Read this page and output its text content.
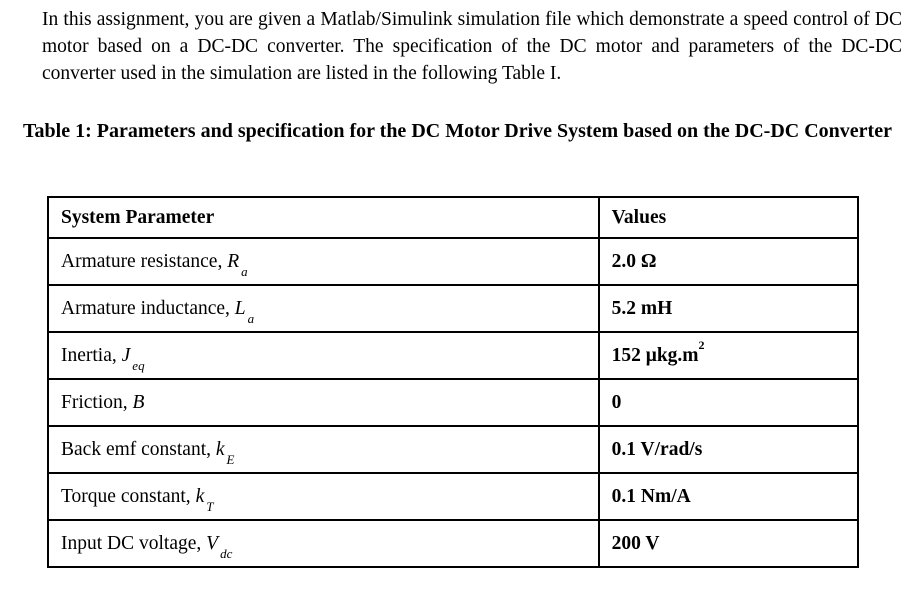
In this assignment, you are given a Matlab/Simulink simulation file which demonstrate a speed control of DC motor based on a DC-DC converter. The specification of the DC motor and parameters of the DC-DC converter used in the simulation are listed in the following Table I.

Table 1: Parameters and specification for the DC Motor Drive System based on the DC-DC Converter

System Parameter	Values
Armature resistance, R $_a$	2.0 Ω
Armature inductance, L $_a$	5.2 mH
Inertia, J $_{eq}$	152 $\mu kg.m^2$
Friction, B	0
Back emf constant, k $_E$	0.1 V/rad/s
Torque constant, k $_T$	0.1 Nm/A
Input DC voltage, V $_{dc}$	200 V
